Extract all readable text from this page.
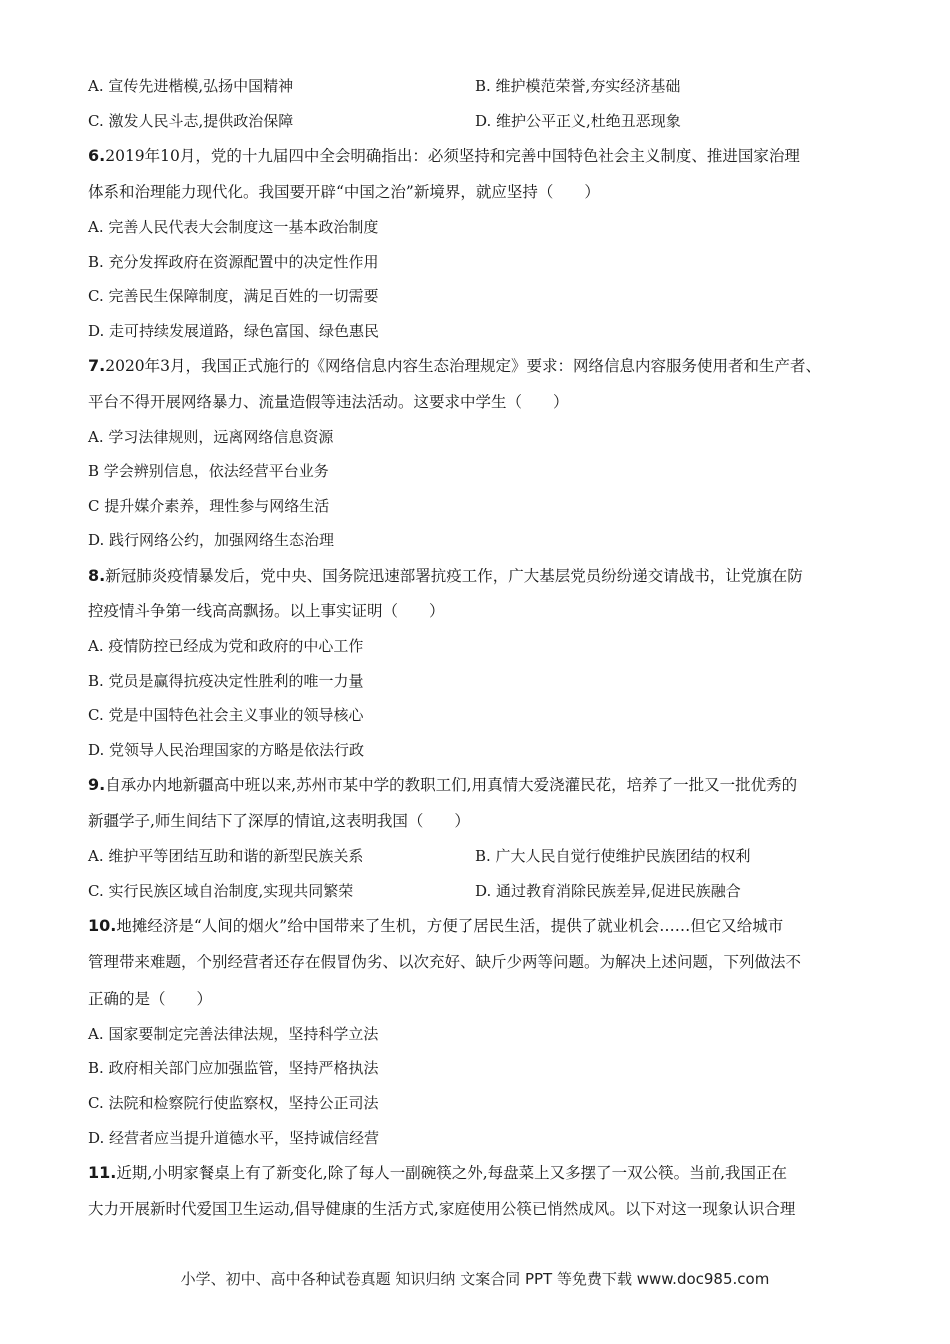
A. 宣传先进楷模,弘扬中国精神	B. 维护模范荣誉,夯实经济基础
C. 激发人民斗志,提供政治保障	D. 维护公平正义,杜绝丑恶现象
6.2019年10月，党的十九届四中全会明确指出：必须坚持和完善中国特色社会主义制度、推进国家治理
体系和治理能力现代化。我国要开辟“中国之治”新境界，就应坚持（　　）
A. 完善人民代表大会制度这一基本政治制度
B. 充分发挥政府在资源配置中的决定性作用
C. 完善民生保障制度，满足百姓的一切需要
D. 走可持续发展道路，绿色富国、绿色惠民
7.2020年3月，我国正式施行的《网络信息内容生态治理规定》要求：网络信息内容服务使用者和生产者、
平台不得开展网络暴力、流量造假等违法活动。这要求中学生（　　）
A. 学习法律规则，远离网络信息资源
B 学会辨别信息，依法经营平台业务
C 提升媒介素养，理性参与网络生活
D. 践行网络公约，加强网络生态治理
8.新冠肺炎疫情暴发后，党中央、国务院迅速部署抗疫工作，广大基层党员纷纷递交请战书，让党旗在防
控疫情斗争第一线高高飘扬。以上事实证明（　　）
A. 疫情防控已经成为党和政府的中心工作
B. 党员是赢得抗疫决定性胜利的唯一力量
C. 党是中国特色社会主义事业的领导核心
D. 党领导人民治理国家的方略是依法行政
9.自承办内地新疆高中班以来,苏州市某中学的教职工们,用真情大爱浇灌民花，培养了一批又一批优秀的
新疆学子,师生间结下了深厚的情谊,这表明我国（　　）
A. 维护平等团结互助和谐的新型民族关系	B. 广大人民自觉行使维护民族团结的权利
C. 实行民族区域自治制度,实现共同繁荣	D. 通过教育消除民族差异,促进民族融合
10.地摊经济是“人间的烟火”给中国带来了生机，方便了居民生活，提供了就业机会……但它又给城市
管理带来难题，个别经营者还存在假冒伪劣、以次充好、缺斤少两等问题。为解决上述问题，下列做法不
正确的是（　　）
A. 国家要制定完善法律法规，坚持科学立法
B. 政府相关部门应加强监管，坚持严格执法
C. 法院和检察院行使监察权，坚持公正司法
D. 经营者应当提升道德水平，坚持诚信经营
11.近期,小明家餐桌上有了新变化,除了每人一副碗筷之外,每盘菜上又多摆了一双公筷。当前,我国正在
大力开展新时代爱国卫生运动,倡导健康的生活方式,家庭使用公筷已悄然成风。以下对这一现象认识合理
小学、初中、高中各种试卷真题 知识归纳 文案合同 PPT 等免费下载 www.doc985.com
